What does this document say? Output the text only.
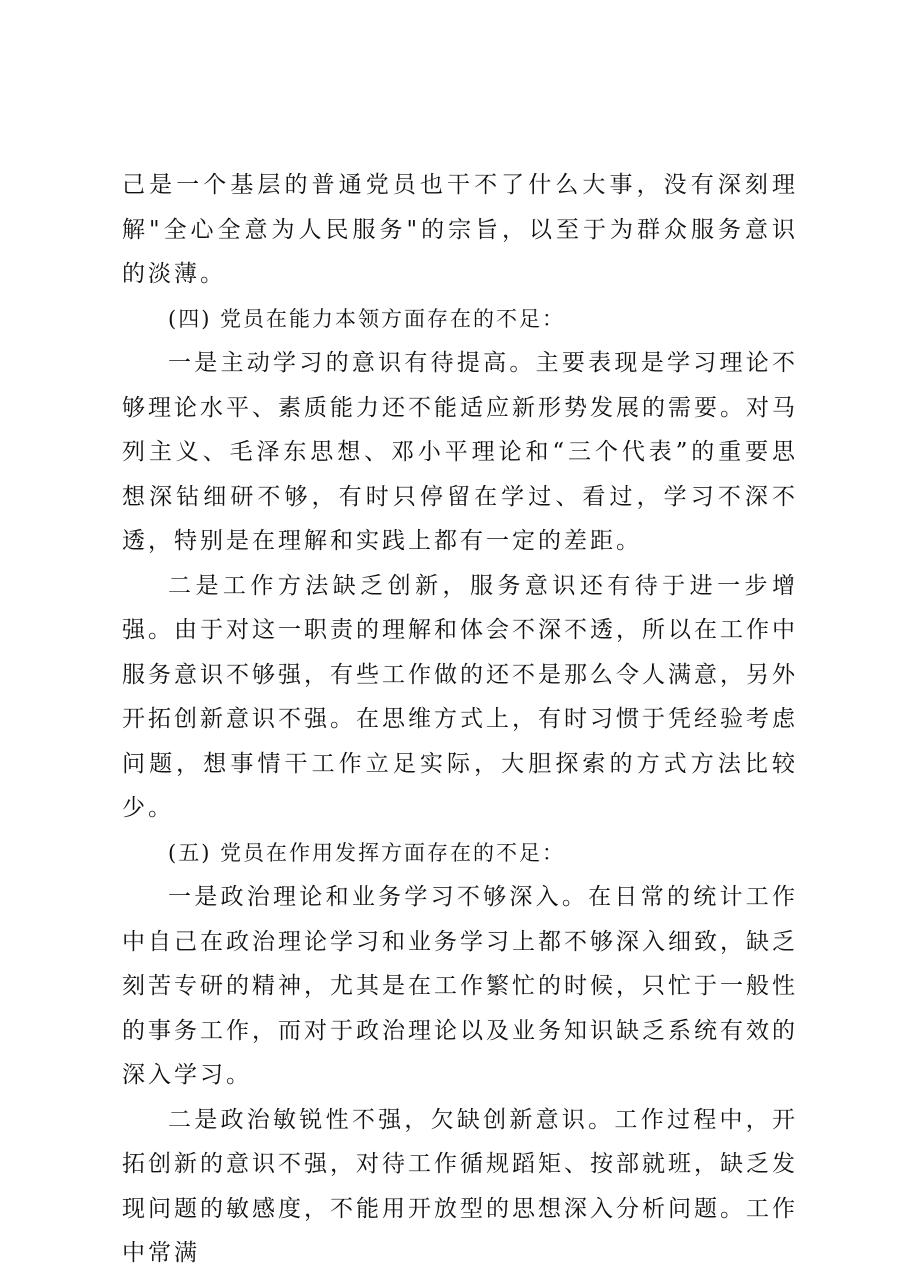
己是一个基层的普通党员也干不了什么大事，没有深刻理解"全心全意为人民服务"的宗旨，以至于为群众服务意识的淡薄。

(四) 党员在能力本领方面存在的不足：

一是主动学习的意识有待提高。主要表现是学习理论不够理论水平、素质能力还不能适应新形势发展的需要。对马列主义、毛泽东思想、邓小平理论和“三个代表”的重要思想深钻细研不够，有时只停留在学过、看过，学习不深不透，特别是在理解和实践上都有一定的差距。

二是工作方法缺乏创新，服务意识还有待于进一步增强。由于对这一职责的理解和体会不深不透，所以在工作中服务意识不够强，有些工作做的还不是那么令人满意，另外开拓创新意识不强。在思维方式上，有时习惯于凭经验考虑问题，想事情干工作立足实际，大胆探索的方式方法比较少。

(五) 党员在作用发挥方面存在的不足：

一是政治理论和业务学习不够深入。在日常的统计工作中自己在政治理论学习和业务学习上都不够深入细致，缺乏刻苦专研的精神，尤其是在工作繁忙的时候，只忙于一般性的事务工作，而对于政治理论以及业务知识缺乏系统有效的深入学习。

二是政治敏锐性不强，欠缺创新意识。工作过程中，开拓创新的意识不强，对待工作循规蹈矩、按部就班，缺乏发现问题的敏感度，不能用开放型的思想深入分析问题。工作中常满
